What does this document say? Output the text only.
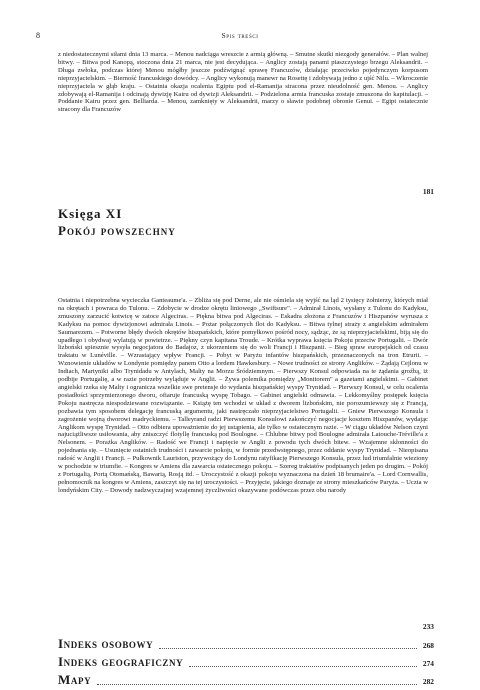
8	Spis treści
z niedostatecznymi siłami dnia 13 marca. – Menou nadciąga wreszcie z armią główną. – Smutne skutki niezgody generałów. – Plan walnej bitwy. – Bitwa pod Kanopą, stoczona dnia 21 marca, nie jest decydująca. – Anglicy zostają panami piaszczystego brzegu Aleksandrii. – Długa zwłoka, podczas której Menou mógłby jeszcze podźwignąć sprawę Francuzów, działając przeciwko pojedynczym korpusom nieprzyjacielskim. – Bierność francuskiego dowódcy. – Anglicy wykonują manewr na Rosettę i zdobywają jedno z ujść Nilu. – Wkroczenie nieprzyjaciela w głąb kraju. – Ostatnia okazja ocalenia Egiptu pod el-Ramanija stracona przez nieudolność gen. Menou. – Anglicy zdobywają el-Ramanija i odcinają dywizję Kairu od dywizji Aleksandrii. – Podzielona armia francuska zostaje zmuszona do kapitulacji. – Poddanie Kairu przez gen. Belliarda. – Menou, zamknięty w Aleksandrii, marzy o sławie podobnej obronie Genui. – Egipt ostatecznie stracony dla Francuzów
181
Księga XI
Pokój powszechny
Ostatnia i niepotrzebna wycieczka Ganteaume'a. – Zbliża się pod Derne, ale nie ośmiela się wyjść na ląd 2 tysięcy żołnierzy, których miał na okrętach i powraca do Tulonu. – Zdobycie w drodze okrętu liniowego „Swiftsure". – Admirał Linois, wysłany z Tulonu do Kadyksu, zmuszony zarzucić kotwicę w zatoce Algeciras. – Piękna bitwa pod Algeciras. – Eskadra złożona z Francuzów i Hiszpanów wyrusza z Kadyksu na pomoc dywizjonowi admirała Linois. – Pożar połączonych flot do Kadyksu. – Bitwa tylnej straży z angielskim admirałem Saumarezem. – Potworne błędy dwóch okrętów hiszpańskich, które pomyłkowo pośród nocy, sądząc, że są nieprzyjacielskimi, biją się do upadłego i obydwaj wylatują w powietrze. – Piękny czyn kapitana Troude. – Krótka wyprawa księcia Pokoju przeciw Portugalii. – Dwór lizboński spiesznie wysyła negocjatora do Badajoz, z ukorzeniem się do woli Francji i Hiszpanii. – Bieg spraw europejskich od czasu traktatu w Lunéville. – Wzrastający wpływ Francji. – Pobyt w Paryżu infantów hiszpańskich, przeznaczonych na tron Etrurii. – Wznowienie układów w Londynie pomiędzy panem Otto a lordem Hawkesbury. – Nowe trudności ze strony Anglików. – Żądają Cejlonu w Indiach, Martyniki albo Trynidadu w Antylach, Malty na Morzu Śródziemnym. – Pierwszy Konsul odpowiada na te żądania groźbą, iż podbije Portugalię, a w razie potrzeby wyląduje w Anglii. – Żywa polemika pomiędzy „Monitorem" a gazetami angielskimi. – Gabinet angielski rzeka się Malty i ogranicza wszelkie swe pretensje do wydania hiszpańskiej wyspy Trynidad. – Pierwszy Konsul, w celu ocalenia posiadłości sprzymierzonego dworu, ofiaruje francuską wyspę Tobago. – Gabinet angielski odmawia. – Lekkomyślny postępek księcia Pokoju nastręcza niespodziewane rozwiązanie. – Książę ten wchodzi w układ z dworem lizbońskim, nie porozumiewszy się z Francją, pozbawia tym sposobem delegację francuską argumentu, jaki nastręczało nieprzyjacielstwo Portugalii. – Gniew Pierwszego Konsula i zagrożenie wojną dworowi madryckiemu. – Talleyrand radzi Pierwszemu Konsulowi zakończyć negocjacje kosztem Hiszpanów, wydając Anglikom wyspę Trynidad. – Otto odbiera upoważnienie do jej ustąpienia, ale tylko w ostatecznym razie. – W ciągu układów Nelson czyni najuciążliwsze usiłowania, aby zniszczyć flotyllę francuską pod Boulogne. – Chlubne bitwy pod Boulogne admirała Latouche-Tréville'a z Nelsonem. – Porażka Anglików. – Radość we Francji i napięcie w Anglii z powodu tych dwóch bitew. – Wzajemne skłonności do pojednania się. – Usunięcie ostatnich trudności i zawarcie pokoju, w formie przedwstępnego, przez oddanie wyspy Trynidad. – Nieopisana radość w Anglii i Francji. – Pułkownik Lauriston, przywożący do Londynu ratyfikację Pierwszego Konsula, przez lud triumfalnie wieziony w pochodzie w triumfie. – Kongres w Amiens dla zawarcia ostatecznego pokoju. – Szereg traktatów podpisanych jeden po drugim. – Pokój z Portugalią, Portą Otomańską, Bawarią, Rosją itd. – Uroczystość z okazji pokoju wyznaczona na dzień 18 brumaire'a. – Lord Cornwallis, pełnomocnik na kongres w Amiens, zaszczyt się na tej uroczystości. – Przyjęcie, jakiego doznaje ze strony mieszkańców Paryża. – Uczta w londyńskim City. – Dowody nadzwyczajnej wzajemnej życzliwości okazywane podówczas przez obu narody
233
Indeks osobowy	268
Indeks geograficzny	274
Mapy	282
